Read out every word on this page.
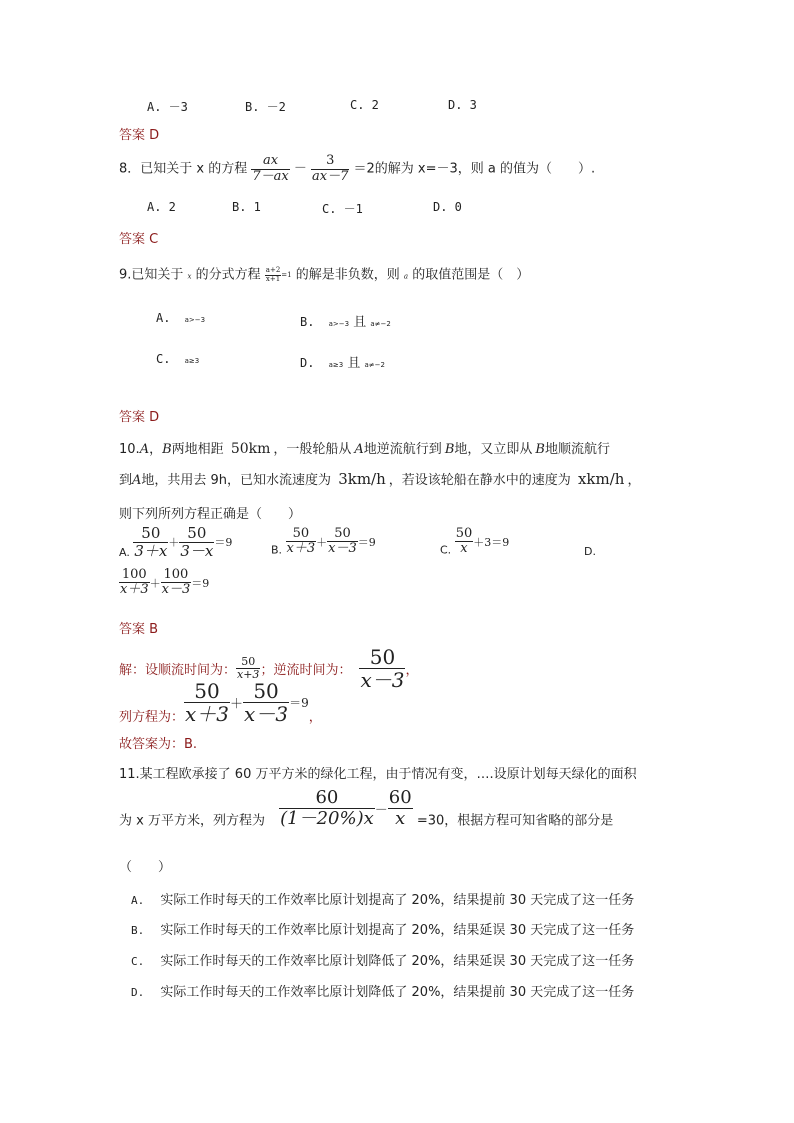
A. －3	B. －2	C. 2	D. 3
答案 D
8．已知关于 x 的方程 $\frac{ax}{7-ax} - \frac{3}{ax-7} =2$的解为 x=－3，则 a 的值为（　　）.
A. 2	B. 1	C. －1	D. 0
答案 C
9.已知关于 x 的分式方程 $\frac{a+2}{x+1} =1$ 的解是非负数，则 a 的取值范围是（　）
A. a>−3	B. a>−3 且 a≠−2
C. a≥3	D. a≥3 且 a≠−2
答案 D
10.A，B两地相距 50km ，一般轮船从 A地逆流航行到 B地，又立即从 B地顺流航行
到A地，共用去 9h，已知水流速度为 3km/h ，若设该轮船在静水中的速度为 xkm/h ，
则下列所列方程正确是（　　）
A. $\frac{50}{3+x} + \frac{50}{3-x} =9$
B. $\frac{50}{x+3} + \frac{50}{x-3} =9$
C. $\frac{50}{x} +3=9$
D.
$\frac{100}{x+3} + \frac{100}{x-3} =9$
答案 B
解：设顺流时间为： $\frac{50}{x+3}$ ；逆流时间为： $\frac{50}{x-3}$ ，
列方程为： $\frac{50}{x+3} + \frac{50}{x-3} =9$，
故答案为：B.
11.某工程欧承接了 60 万平方米的绿化工程，由于情况有变，….设原计划每天绿化的面积
为 x 万平方米，列方程为 $\frac{60}{(1-20\%)x} - \frac{60}{x} =30$，根据方程可知省略的部分是
（　　）
A. 实际工作时每天的工作效率比原计划提高了 20%，结果提前 30 天完成了这一任务
B. 实际工作时每天的工作效率比原计划提高了 20%，结果延误 30 天完成了这一任务
C. 实际工作时每天的工作效率比原计划降低了 20%，结果延误 30 天完成了这一任务
D. 实际工作时每天的工作效率比原计划降低了 20%，结果提前 30 天完成了这一任务
